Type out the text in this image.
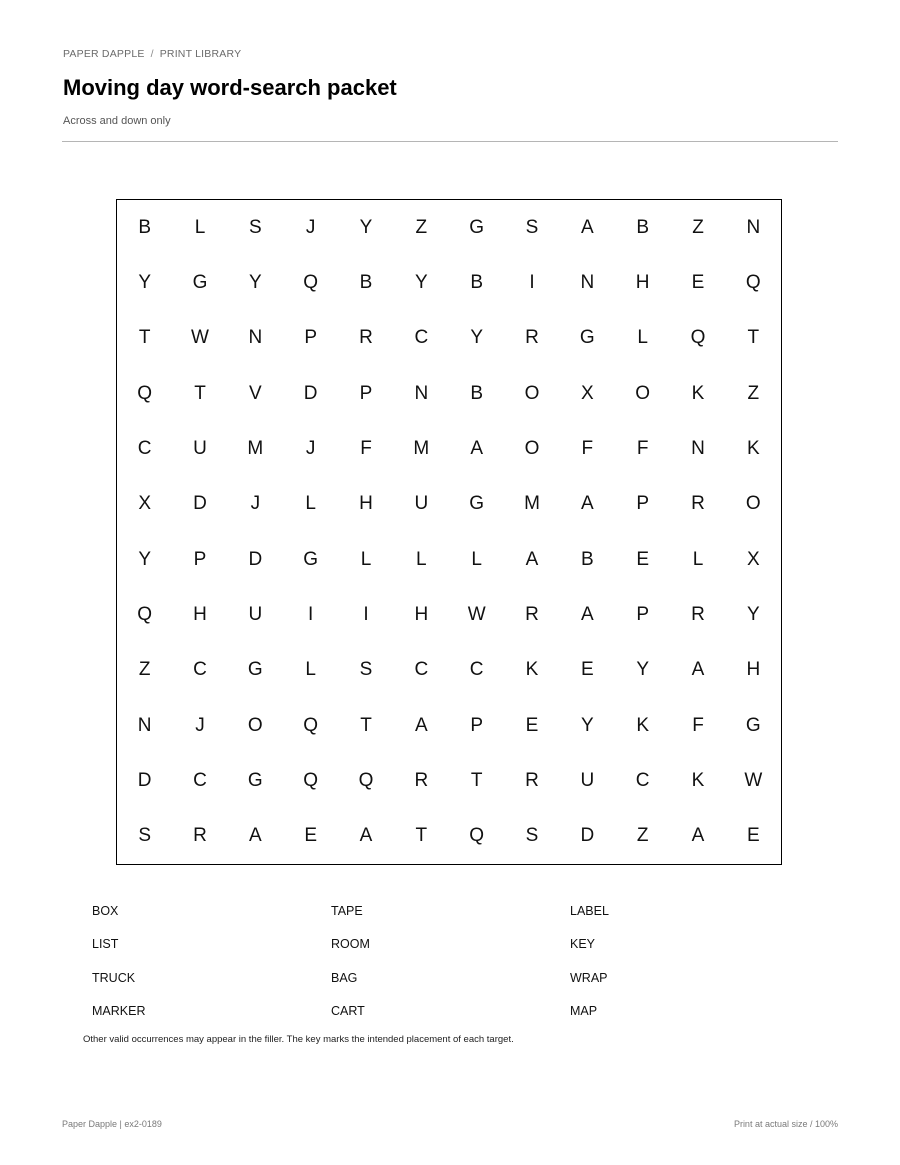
PAPER DAPPLE / PRINT LIBRARY
Moving day word-search packet
Across and down only
B	L	S	J	Y	Z	G	S	A	B	Z	N
Y	G	Y	Q	B	Y	B	I	N	H	E	Q
T	W	N	P	R	C	Y	R	G	L	Q	T
Q	T	V	D	P	N	B	O	X	O	K	Z
C	U	M	J	F	M	A	O	F	F	N	K
X	D	J	L	H	U	G	M	A	P	R	O
Y	P	D	G	L	L	L	A	B	E	L	X
Q	H	U	I	I	H	W	R	A	P	R	Y
Z	C	G	L	S	C	C	K	E	Y	A	H
N	J	O	Q	T	A	P	E	Y	K	F	G
D	C	G	Q	Q	R	T	R	U	C	K	W
S	R	A	E	A	T	Q	S	D	Z	A	E
BOX
LIST
TRUCK
MARKER
TAPE
ROOM
BAG
CART
LABEL
KEY
WRAP
MAP
Other valid occurrences may appear in the filler. The key marks the intended placement of each target.
Paper Dapple | ex2-0189	Print at actual size / 100%
